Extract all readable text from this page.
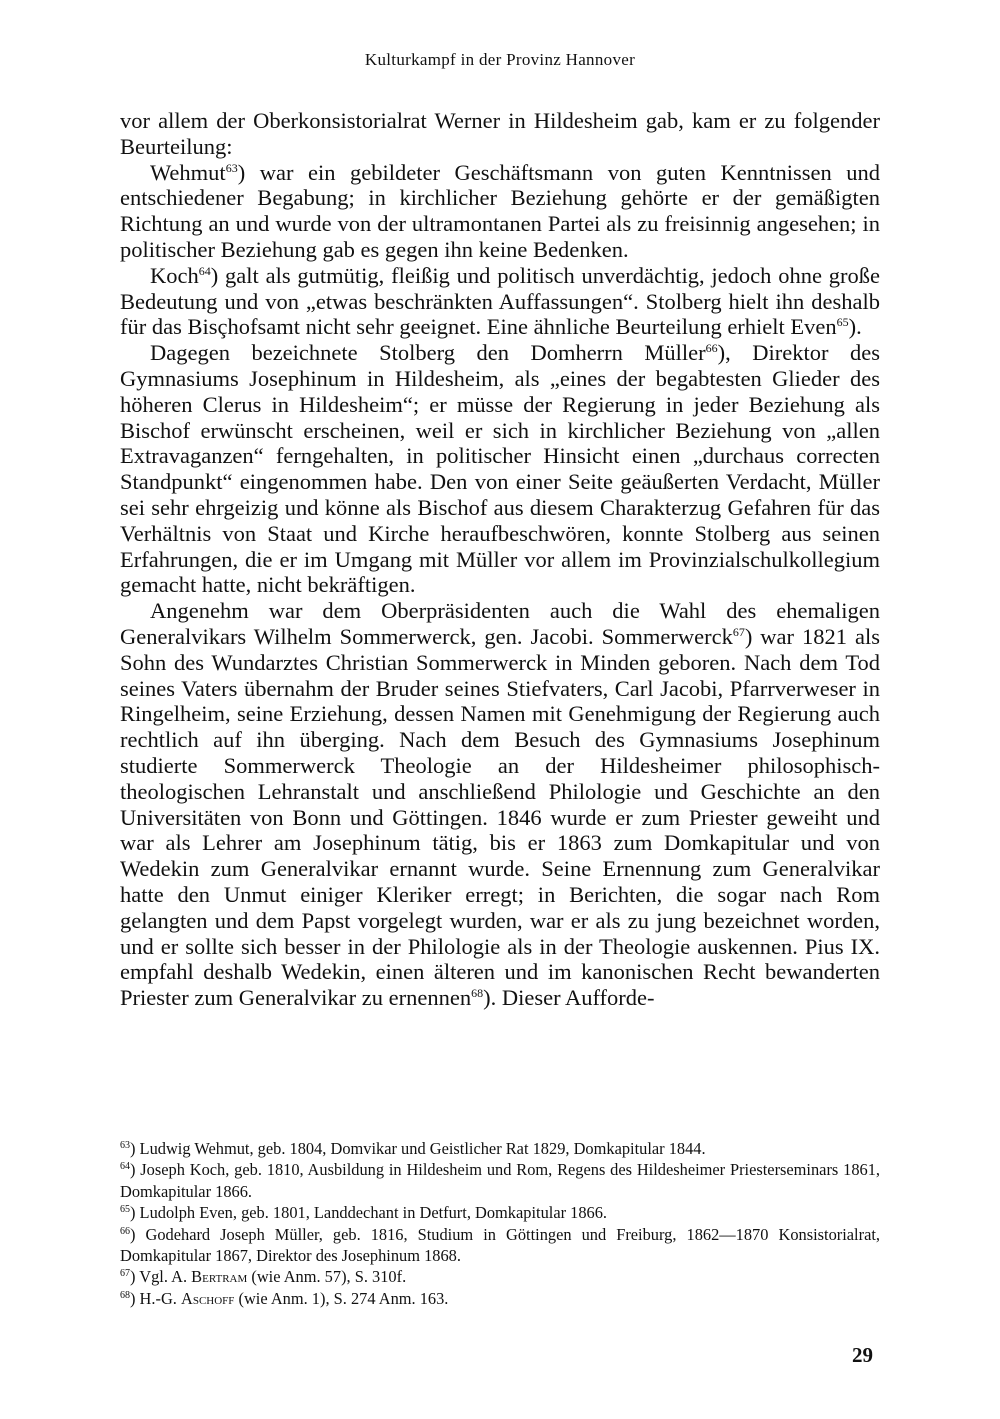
Kulturkampf in der Provinz Hannover

vor allem der Oberkonsistorialrat Werner in Hildesheim gab, kam er zu folgender Beurteilung:

Wehmut$^{63}$) war ein gebildeter Geschäftsmann von guten Kenntnissen und entschiedener Begabung; in kirchlicher Beziehung gehörte er der gemäßigten Richtung an und wurde von der ultramontanen Partei als zu freisinnig angesehen; in politischer Beziehung gab es gegen ihn keine Bedenken.

Koch$^{64}$) galt als gutmütig, fleißig und politisch unverdächtig, jedoch ohne große Bedeutung und von „etwas beschränkten Auffassungen“. Stolberg hielt ihn deshalb für das Bisçhofsamt nicht sehr geeignet. Eine ähnliche Beurteilung erhielt Even$^{65}$).

Dagegen bezeichnete Stolberg den Domherrn Müller$^{66}$), Direktor des Gymnasiums Josephinum in Hildesheim, als „eines der begabtesten Glieder des höheren Clerus in Hildesheim“; er müsse der Regierung in jeder Beziehung als Bischof erwünscht erscheinen, weil er sich in kirchlicher Beziehung von „allen Extravaganzen“ ferngehalten, in politischer Hinsicht einen „durchaus correcten Standpunkt“ eingenommen habe. Den von einer Seite geäußerten Verdacht, Müller sei sehr ehrgeizig und könne als Bischof aus diesem Charakterzug Gefahren für das Verhältnis von Staat und Kirche heraufbeschwören, konnte Stolberg aus seinen Erfahrungen, die er im Umgang mit Müller vor allem im Provinzialschulkollegium gemacht hatte, nicht bekräftigen.

Angenehm war dem Oberpräsidenten auch die Wahl des ehemaligen Generalvikars Wilhelm Sommerwerck, gen. Jacobi. Sommerwerck$^{67}$) war 1821 als Sohn des Wundarztes Christian Sommerwerck in Minden geboren. Nach dem Tod seines Vaters übernahm der Bruder seines Stiefvaters, Carl Jacobi, Pfarrverweser in Ringelheim, seine Erziehung, dessen Namen mit Genehmigung der Regierung auch rechtlich auf ihn überging. Nach dem Besuch des Gymnasiums Josephinum studierte Sommerwerck Theologie an der Hildesheimer philosophisch-theologischen Lehranstalt und anschließend Philologie und Geschichte an den Universitäten von Bonn und Göttingen. 1846 wurde er zum Priester geweiht und war als Lehrer am Josephinum tätig, bis er 1863 zum Domkapitular und von Wedekin zum Generalvikar ernannt wurde. Seine Ernennung zum Generalvikar hatte den Unmut einiger Kleriker erregt; in Berichten, die sogar nach Rom gelangten und dem Papst vorgelegt wurden, war er als zu jung bezeichnet worden, und er sollte sich besser in der Philologie als in der Theologie auskennen. Pius IX. empfahl deshalb Wedekin, einen älteren und im kanonischen Recht bewanderten Priester zum Generalvikar zu ernennen$^{68}$). Dieser Aufforde-

$^{63}$) Ludwig Wehmut, geb. 1804, Domvikar und Geistlicher Rat 1829, Domkapitular 1844.

$^{64}$) Joseph Koch, geb. 1810, Ausbildung in Hildesheim und Rom, Regens des Hildesheimer Priesterseminars 1861, Domkapitular 1866.

$^{65}$) Ludolph Even, geb. 1801, Landdechant in Detfurt, Domkapitular 1866.

$^{66}$) Godehard Joseph Müller, geb. 1816, Studium in Göttingen und Freiburg, 1862—1870 Konsistorialrat, Domkapitular 1867, Direktor des Josephinum 1868.

$^{67}$) Vgl. A. Bertram (wie Anm. 57), S. 310f.

$^{68}$) H.-G. Aschoff (wie Anm. 1), S. 274 Anm. 163.

29
